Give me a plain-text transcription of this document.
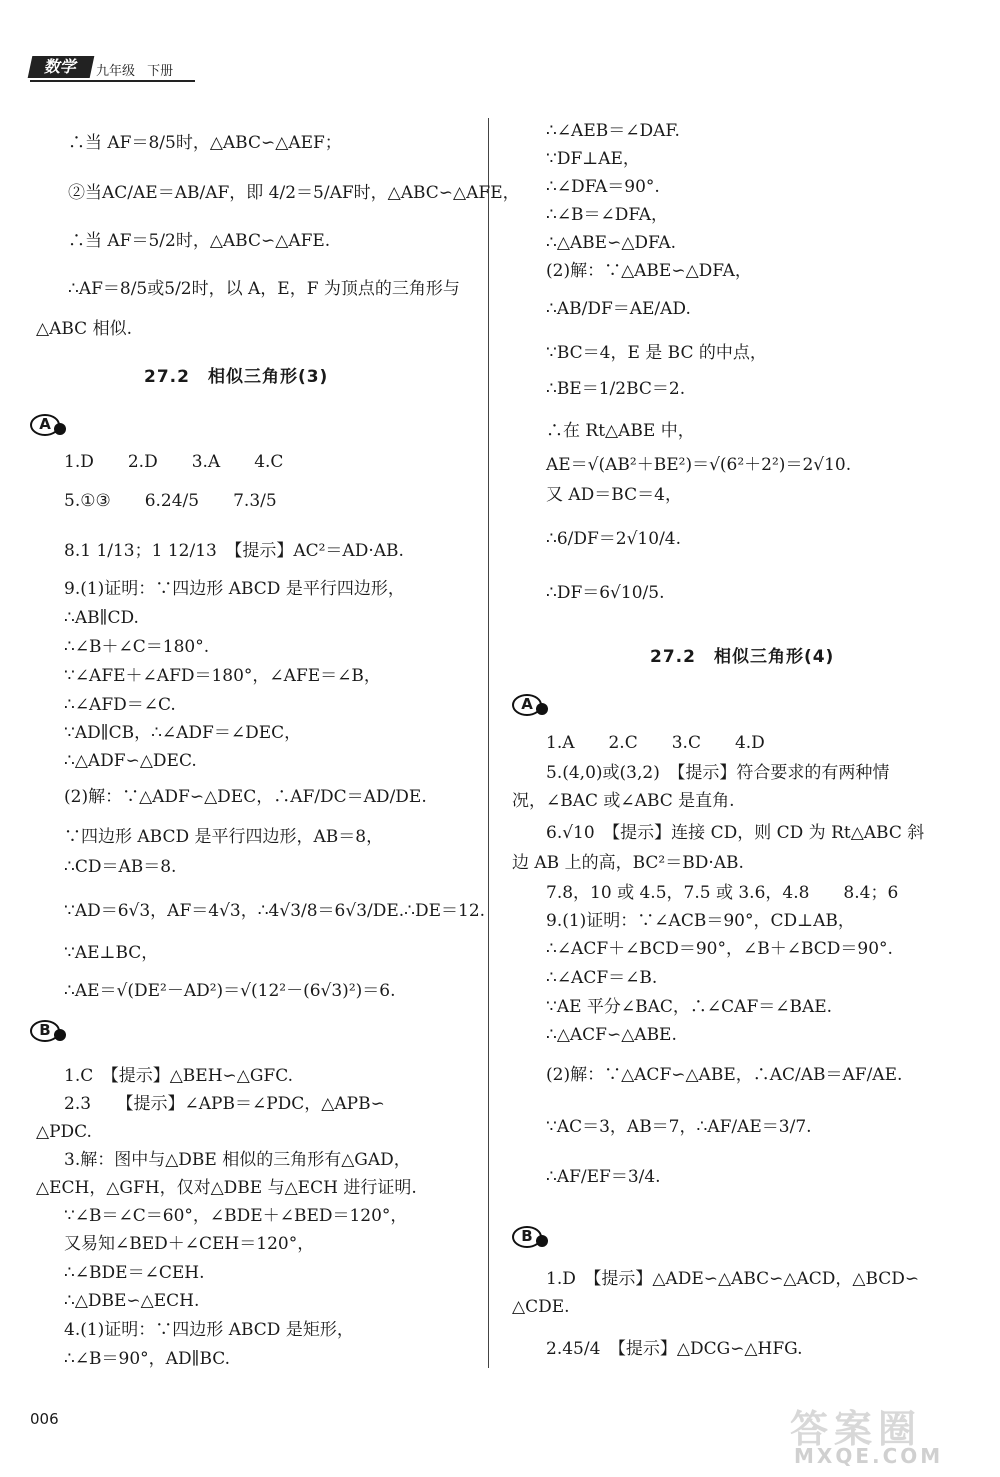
数学	九年级 下册
∴当 AF＝8/5时，△ABC∽△AEF；
②当AC/AE＝AB/AF，即 4/2＝5/AF时，△ABC∽△AFE，
∴当 AF＝5/2时，△ABC∽△AFE.
∴AF＝8/5或5/2时，以 A，E，F 为顶点的三角形与
△ABC 相似.
27.2　相似三角形(3)
A
1.D　　2.D　　3.A　　4.C
5.①③　　6.24/5　　7.3/5
8.1 1/13；1 12/13　【提示】AC²＝AD·AB.
9.(1)证明：∵四边形 ABCD 是平行四边形，
∴AB∥CD.
∴∠B＋∠C＝180°.
∵∠AFE＋∠AFD＝180°，∠AFE＝∠B，
∴∠AFD＝∠C.
∵AD∥CB，∴∠ADF＝∠DEC，
∴△ADF∽△DEC.
(2)解：∵△ADF∽△DEC，∴AF/DC＝AD/DE.
∵四边形 ABCD 是平行四边形，AB＝8，
∴CD＝AB＝8.
∵AD＝6√3，AF＝4√3，∴4√3/8＝6√3/DE.∴DE＝12.
∵AE⊥BC，
∴AE＝√(DE²－AD²)＝√(12²－(6√3)²)＝6.
B
1.C　【提示】△BEH∽△GFC.
2.3　　【提示】∠APB＝∠PDC，△APB∽
△PDC.
3.解：图中与△DBE 相似的三角形有△GAD，
△ECH，△GFH，仅对△DBE 与△ECH 进行证明.
∵∠B＝∠C＝60°，∠BDE＋∠BED＝120°，
又易知∠BED＋∠CEH＝120°，
∴∠BDE＝∠CEH.
∴△DBE∽△ECH.
4.(1)证明：∵四边形 ABCD 是矩形，
∴∠B＝90°，AD∥BC.
∴∠AEB＝∠DAF.
∵DF⊥AE，
∴∠DFA＝90°.
∴∠B＝∠DFA，
∴△ABE∽△DFA.
(2)解：∵△ABE∽△DFA，
∴AB/DF＝AE/AD.
∵BC＝4，E 是 BC 的中点，
∴BE＝1/2BC＝2.
∴在 Rt△ABE 中，
AE＝√(AB²＋BE²)＝√(6²＋2²)＝2√10.
又 AD＝BC＝4，
∴6/DF＝2√10/4.
∴DF＝6√10/5.
27.2　相似三角形(4)
A
1.A　　2.C　　3.C　　4.D
5.(4,0)或(3,2)　【提示】符合要求的有两种情
况，∠BAC 或∠ABC 是直角.
6.√10　【提示】连接 CD，则 CD 为 Rt△ABC 斜
边 AB 上的高，BC²＝BD·AB.
7.8，10 或 4.5，7.5 或 3.6，4.8　　8.4；6
9.(1)证明：∵∠ACB＝90°，CD⊥AB，
∴∠ACF＋∠BCD＝90°，∠B＋∠BCD＝90°.
∴∠ACF＝∠B.
∵AE 平分∠BAC，∴∠CAF＝∠BAE.
∴△ACF∽△ABE.
(2)解：∵△ACF∽△ABE，∴AC/AB＝AF/AE.
∵AC＝3，AB＝7，∴AF/AE＝3/7.
∴AF/EF＝3/4.
B
1.D　【提示】△ADE∽△ABC∽△ACD，△BCD∽
△CDE.
2.45/4　【提示】△DCG∽△HFG.
006	答案圈
MXQE.COM
